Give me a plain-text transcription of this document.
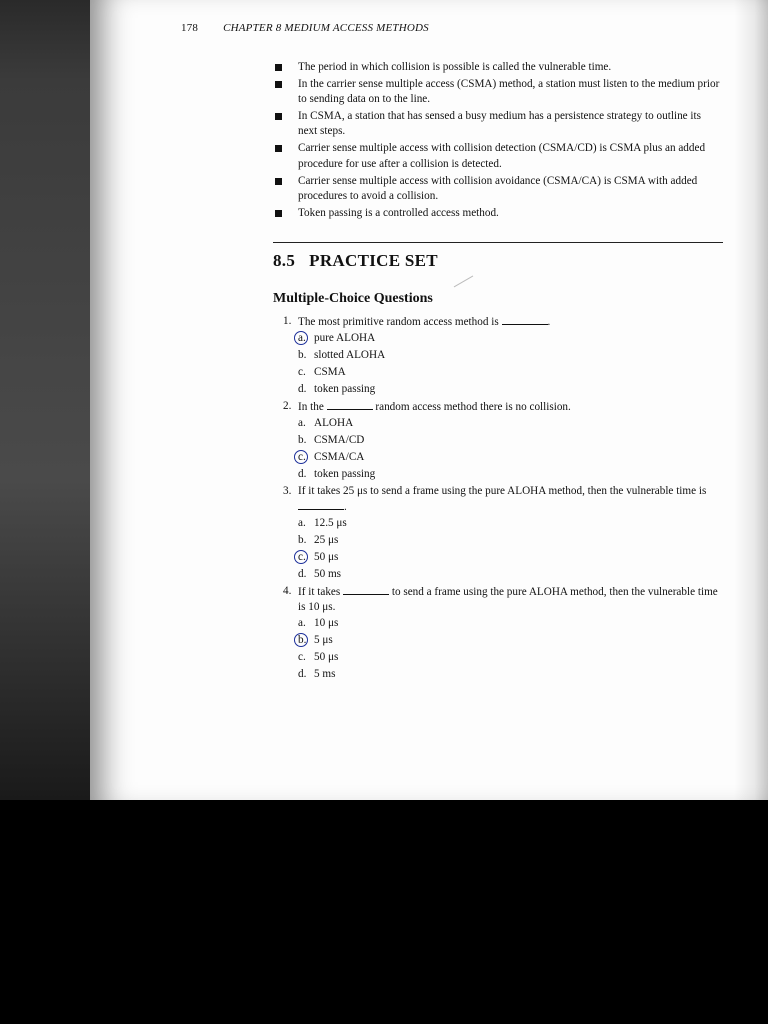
178 CHAPTER 8 MEDIUM ACCESS METHODS
The period in which collision is possible is called the vulnerable time.
In the carrier sense multiple access (CSMA) method, a station must listen to the medium prior to sending data on to the line.
In CSMA, a station that has sensed a busy medium has a persistence strategy to outline its next steps.
Carrier sense multiple access with collision detection (CSMA/CD) is CSMA plus an added procedure for use after a collision is detected.
Carrier sense multiple access with collision avoidance (CSMA/CA) is CSMA with added procedures to avoid a collision.
Token passing is a controlled access method.
8.5 PRACTICE SET
Multiple-Choice Questions
1. The most primitive random access method is	.
a. pure ALOHA
b. slotted ALOHA
c. CSMA
d. token passing
2. In the	random access method there is no collision.
a. ALOHA
b. CSMA/CD
c. CSMA/CA
d. token passing
3. If it takes 25 μs to send a frame using the pure ALOHA method, then the vulnerable time is .
a. 12.5 μs
b. 25 μs
c. 50 μs
d. 50 ms
4. If it takes	to send a frame using the pure ALOHA method, then the vulnerable time is 10 μs.
a. 10 μs
b. 5 μs
c. 50 μs
d. 5 ms
